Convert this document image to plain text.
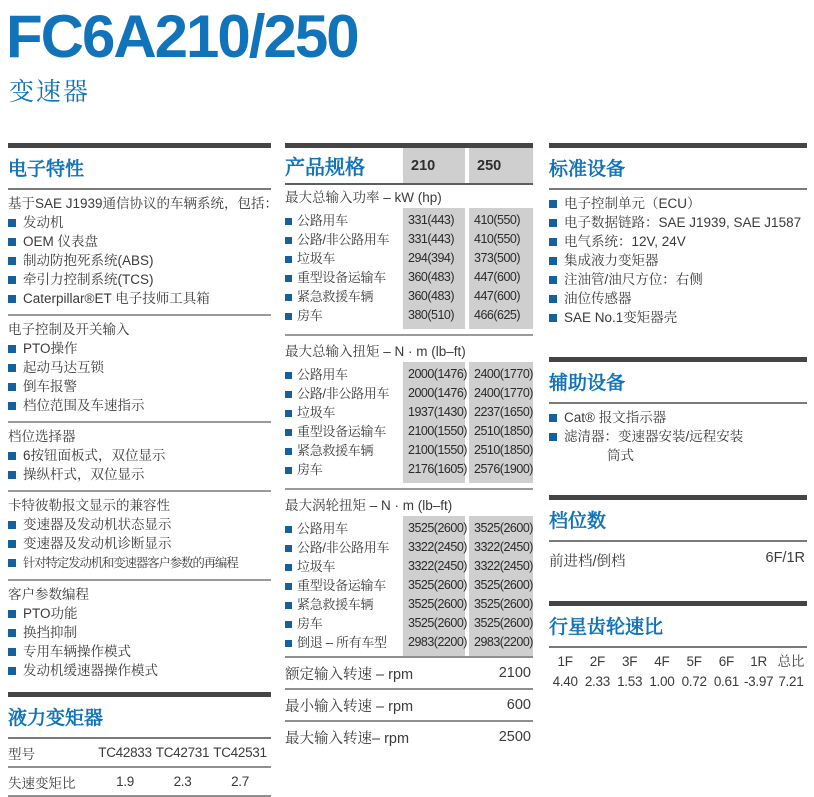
FC6A210/250
变速器
电子特性
基于SAE J1939通信协议的车辆系统，包括：
发动机
OEM 仪表盘
制动防抱死系统(ABS)
牵引力控制系统(TCS)
Caterpillar®ET 电子技师工具箱
电子控制及开关输入
PTO操作
起动马达互锁
倒车报警
档位范围及车速指示
档位选择器
6按钮面板式，双位显示
操纵杆式，双位显示
卡特彼勒报文显示的兼容性
变速器及发动机状态显示
变速器及发动机诊断显示
针对特定发动机和变速器客户参数的再编程
客户参数编程
PTO功能
换挡抑制
专用车辆操作模式
发动机缓速器操作模式
液力变矩器
型号	TC42833 TC42731 TC42531
失速变矩比	1.9	2.3	2.7
产品规格	210	250
最大总输入功率 – kW (hp)
公路用车	331(443)	410(550)
公路/非公路用车	331(443)	410(550)
垃圾车	294(394)	373(500)
重型设备运输车	360(483)	447(600)
紧急救援车辆	360(483)	447(600)
房车	380(510)	466(625)
最大总输入扭矩 – N · m (lb–ft)
公路用车	2000(1476) 2400(1770)
公路/非公路用车	2000(1476) 2400(1770)
垃圾车	1937(1430) 2237(1650)
重型设备运输车	2100(1550) 2510(1850)
紧急救援车辆	2100(1550) 2510(1850)
房车	2176(1605) 2576(1900)
最大涡轮扭矩 – N · m (lb–ft)
公路用车	3525(2600) 3525(2600)
公路/非公路用车	3322(2450) 3322(2450)
垃圾车	3322(2450) 3322(2450)
重型设备运输车	3525(2600) 3525(2600)
紧急救援车辆	3525(2600) 3525(2600)
房车	3525(2600) 3525(2600)
倒退 – 所有车型	2983(2200) 2983(2200)
额定输入转速 – rpm	2100
最小输入转速 – rpm	600
最大输入转速– rpm	2500
标准设备
电子控制单元（ECU）
电子数据链路：SAE J1939, SAE J1587
电气系统：12V, 24V
集成液力变矩器
注油管/油尺方位：右侧
油位传感器
SAE No.1变矩器壳
辅助设备
Cat® 报文指示器
滤清器：变速器安装/远程安装
筒式
档位数
前进档/倒档	6F/1R
行星齿轮速比
1F	2F	3F	4F	5F	6F	1R 总比
4.40 2.33 1.53 1.00 0.72 0.61 -3.97 7.21
